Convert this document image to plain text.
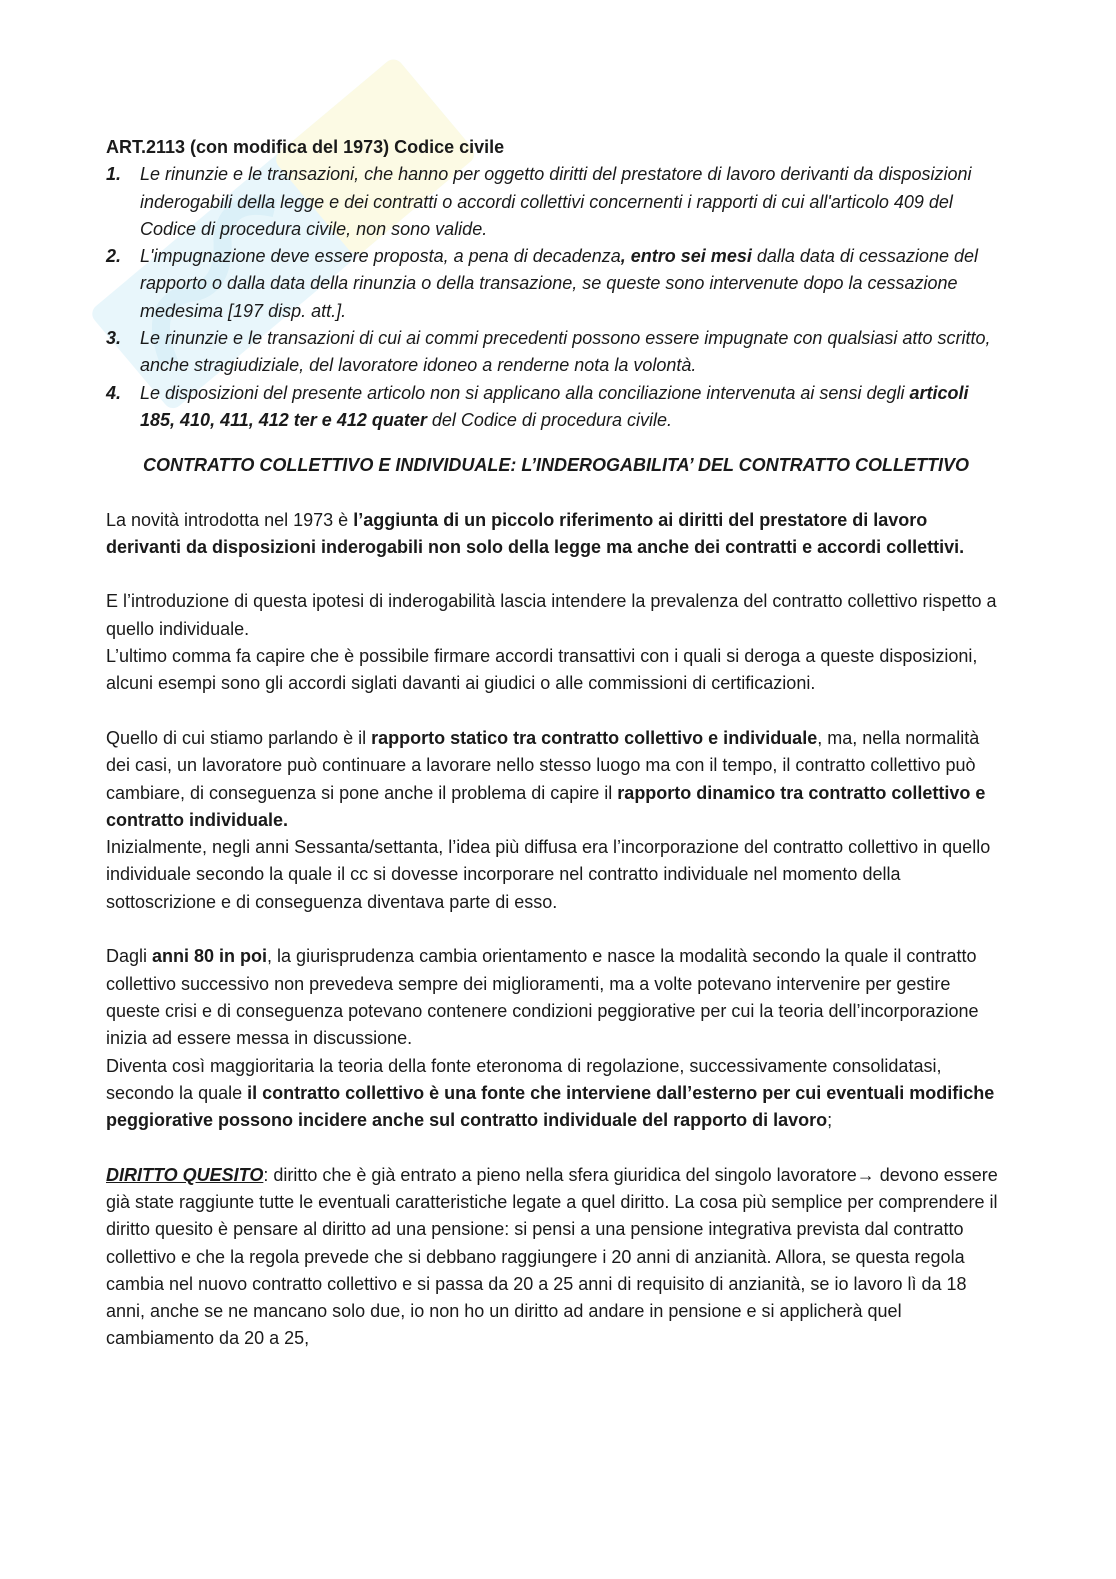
ART.2113 (con modifica del 1973) Codice civile

1. Le rinunzie e le transazioni, che hanno per oggetto diritti del prestatore di lavoro derivanti da disposizioni inderogabili della legge e dei contratti o accordi collettivi concernenti i rapporti di cui all'articolo 409 del Codice di procedura civile, non sono valide.
2. L'impugnazione deve essere proposta, a pena di decadenza, entro sei mesi dalla data di cessazione del rapporto o dalla data della rinunzia o della transazione, se queste sono intervenute dopo la cessazione medesima [197 disp. att.].
3. Le rinunzie e le transazioni di cui ai commi precedenti possono essere impugnate con qualsiasi atto scritto, anche stragiudiziale, del lavoratore idoneo a renderne nota la volontà.
4. Le disposizioni del presente articolo non si applicano alla conciliazione intervenuta ai sensi degli articoli 185, 410, 411, 412 ter e 412 quater del Codice di procedura civile.

CONTRATTO COLLETTIVO E INDIVIDUALE: L’INDEROGABILITA’ DEL CONTRATTO COLLETTIVO

La novità introdotta nel 1973 è l’aggiunta di un piccolo riferimento ai diritti del prestatore di lavoro derivanti da disposizioni inderogabili non solo della legge ma anche dei contratti e accordi collettivi.

E l’introduzione di questa ipotesi di inderogabilità lascia intendere la prevalenza del contratto collettivo rispetto a quello individuale.

L’ultimo comma fa capire che è possibile firmare accordi transattivi con i quali si deroga a queste disposizioni, alcuni esempi sono gli accordi siglati davanti ai giudici o alle commissioni di certificazioni.

Quello di cui stiamo parlando è il rapporto statico tra contratto collettivo e individuale, ma, nella normalità dei casi, un lavoratore può continuare a lavorare nello stesso luogo ma con il tempo, il contratto collettivo può cambiare, di conseguenza si pone anche il problema di capire il rapporto dinamico tra contratto collettivo e contratto individuale.

Inizialmente, negli anni Sessanta/settanta, l’idea più diffusa era l’incorporazione del contratto collettivo in quello individuale secondo la quale il cc si dovesse incorporare nel contratto individuale nel momento della sottoscrizione e di conseguenza diventava parte di esso.

Dagli anni 80 in poi, la giurisprudenza cambia orientamento e nasce la modalità secondo la quale il contratto collettivo successivo non prevedeva sempre dei miglioramenti, ma a volte potevano intervenire per gestire queste crisi e di conseguenza potevano contenere condizioni peggiorative per cui la teoria dell’incorporazione inizia ad essere messa in discussione.

Diventa così maggioritaria la teoria della fonte eteronoma di regolazione, successivamente consolidatasi, secondo la quale il contratto collettivo è una fonte che interviene dall’esterno per cui eventuali modifiche peggiorative possono incidere anche sul contratto individuale del rapporto di lavoro;

DIRITTO QUESITO: diritto che è già entrato a pieno nella sfera giuridica del singolo lavoratore→ devono essere già state raggiunte tutte le eventuali caratteristiche legate a quel diritto. La cosa più semplice per comprendere il diritto quesito è pensare al diritto ad una pensione: si pensi a una pensione integrativa prevista dal contratto collettivo e che la regola prevede che si debbano raggiungere i 20 anni di anzianità. Allora, se questa regola cambia nel nuovo contratto collettivo e si passa da 20 a 25 anni di requisito di anzianità, se io lavoro lì da 18 anni, anche se ne mancano solo due, io non ho un diritto ad andare in pensione e si applicherà quel cambiamento da 20 a 25,
